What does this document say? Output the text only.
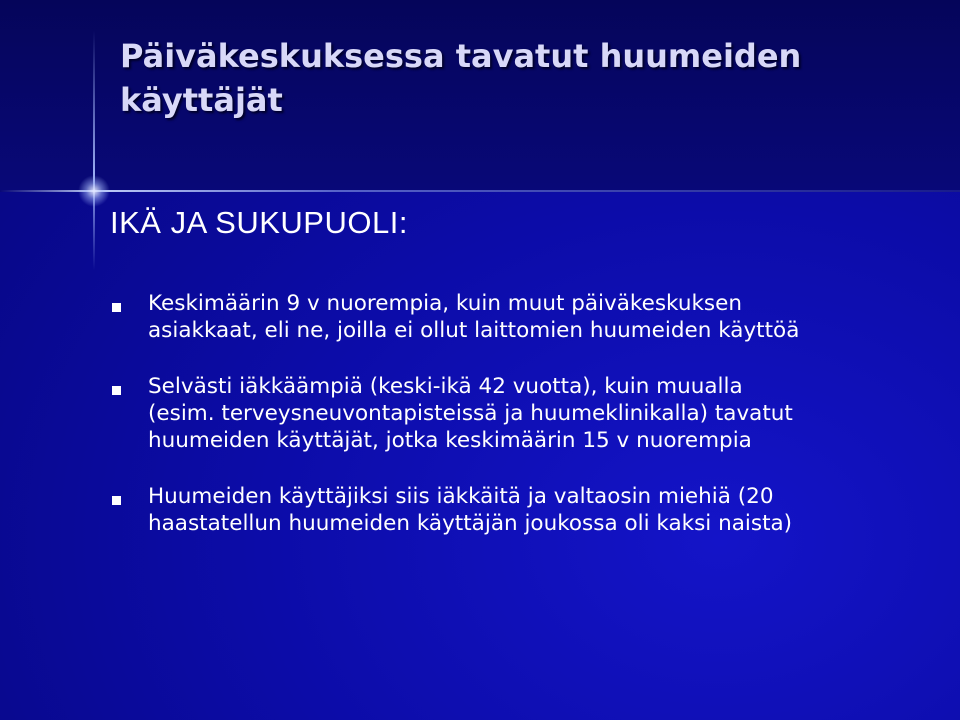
Päiväkeskuksessa tavatut huumeiden
käyttäjät
IKÄ JA SUKUPUOLI:
Keskimäärin 9 v nuorempia, kuin muut päiväkeskuksen
asiakkaat, eli ne, joilla ei ollut laittomien huumeiden käyttöä
Selvästi iäkkäämpiä (keski-ikä 42 vuotta), kuin muualla
(esim. terveysneuvontapisteissä ja huumeklinikalla) tavatut
huumeiden käyttäjät, jotka keskimäärin 15 v nuorempia
Huumeiden käyttäjiksi siis iäkkäitä ja valtaosin miehiä (20
haastatellun huumeiden käyttäjän joukossa oli kaksi naista)
